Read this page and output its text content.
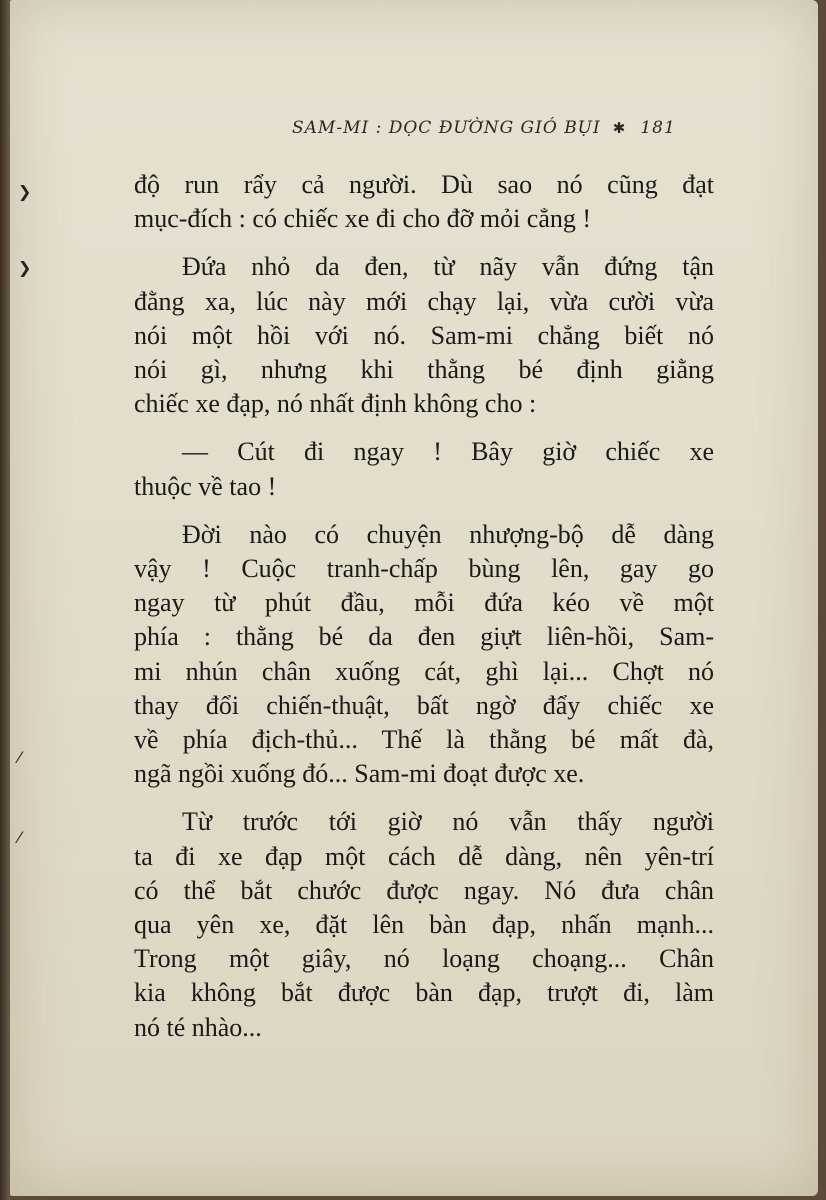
❯
❯
⁄
⁄
SAM-MI : DỌC ĐƯỜNG GIÓ BỤI ✱ 181

độ run rẩy cả người. Dù sao nó cũng đạt
mục-đích : có chiếc xe đi cho đỡ mỏi cẳng !

Đứa nhỏ da đen, từ nãy vẫn đứng tận
đằng xa, lúc này mới chạy lại, vừa cười vừa
nói một hồi với nó. Sam-mi chẳng biết nó
nói gì, nhưng khi thằng bé định giằng
chiếc xe đạp, nó nhất định không cho :

— Cút đi ngay ! Bây giờ chiếc xe
thuộc về tao !

Đời nào có chuyện nhượng-bộ dễ dàng
vậy ! Cuộc tranh-chấp bùng lên, gay go
ngay từ phút đầu, mỗi đứa kéo về một
phía : thằng bé da đen giựt liên-hồi, Sam-
mi nhún chân xuống cát, ghì lại... Chợt nó
thay đổi chiến-thuật, bất ngờ đẩy chiếc xe
về phía địch-thủ... Thế là thằng bé mất đà,
ngã ngồi xuống đó... Sam-mi đoạt được xe.

Từ trước tới giờ nó vẫn thấy người
ta đi xe đạp một cách dễ dàng, nên yên-trí
có thể bắt chước được ngay. Nó đưa chân
qua yên xe, đặt lên bàn đạp, nhấn mạnh...
Trong một giây, nó loạng choạng... Chân
kia không bắt được bàn đạp, trượt đi, làm
nó té nhào...
